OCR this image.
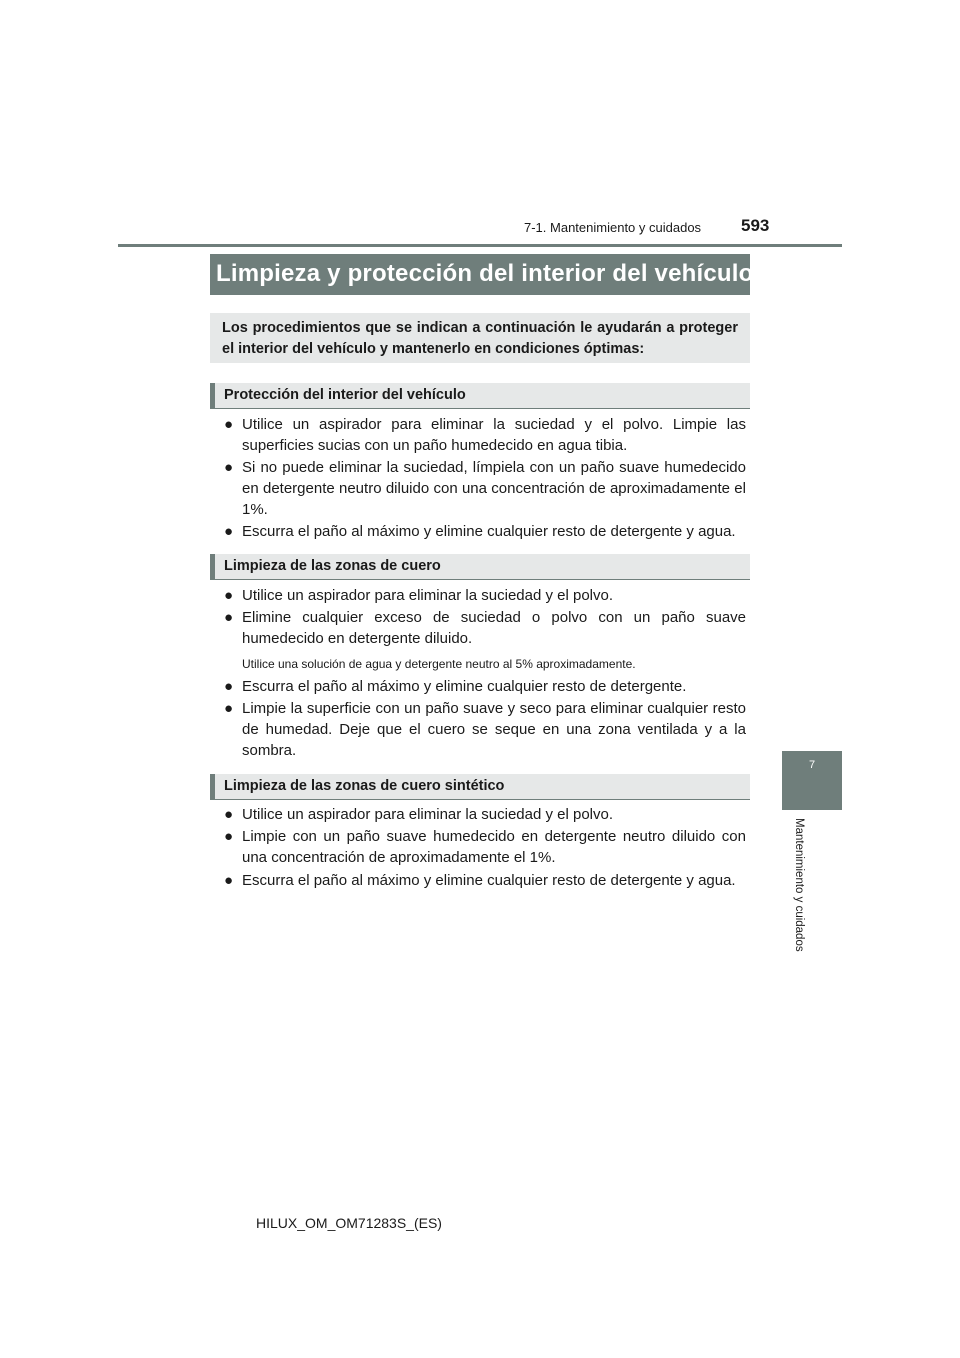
7-1. Mantenimiento y cuidados 593
7
Mantenimiento y cuidados
Limpieza y protección del interior del vehículo
Los procedimientos que se indican a continuación le ayudarán a proteger el interior del vehículo y mantenerlo en condiciones óptimas:
Protección del interior del vehículo
● Utilice un aspirador para eliminar la suciedad y el polvo. Limpie las superficies sucias con un paño humedecido en agua tibia.
● Si no puede eliminar la suciedad, límpiela con un paño suave humedecido en detergente neutro diluido con una concentración de aproximadamente el 1%.
● Escurra el paño al máximo y elimine cualquier resto de detergente y agua.
Limpieza de las zonas de cuero
● Utilice un aspirador para eliminar la suciedad y el polvo.
● Elimine cualquier exceso de suciedad o polvo con un paño suave humedecido en detergente diluido.
Utilice una solución de agua y detergente neutro al 5% aproximadamente.
● Escurra el paño al máximo y elimine cualquier resto de detergente.
● Limpie la superficie con un paño suave y seco para eliminar cualquier resto de humedad. Deje que el cuero se seque en una zona ventilada y a la sombra.
Limpieza de las zonas de cuero sintético
● Utilice un aspirador para eliminar la suciedad y el polvo.
● Limpie con un paño suave humedecido en detergente neutro diluido con una concentración de aproximadamente el 1%.
● Escurra el paño al máximo y elimine cualquier resto de detergente y agua.
HILUX_OM_OM71283S_(ES)
